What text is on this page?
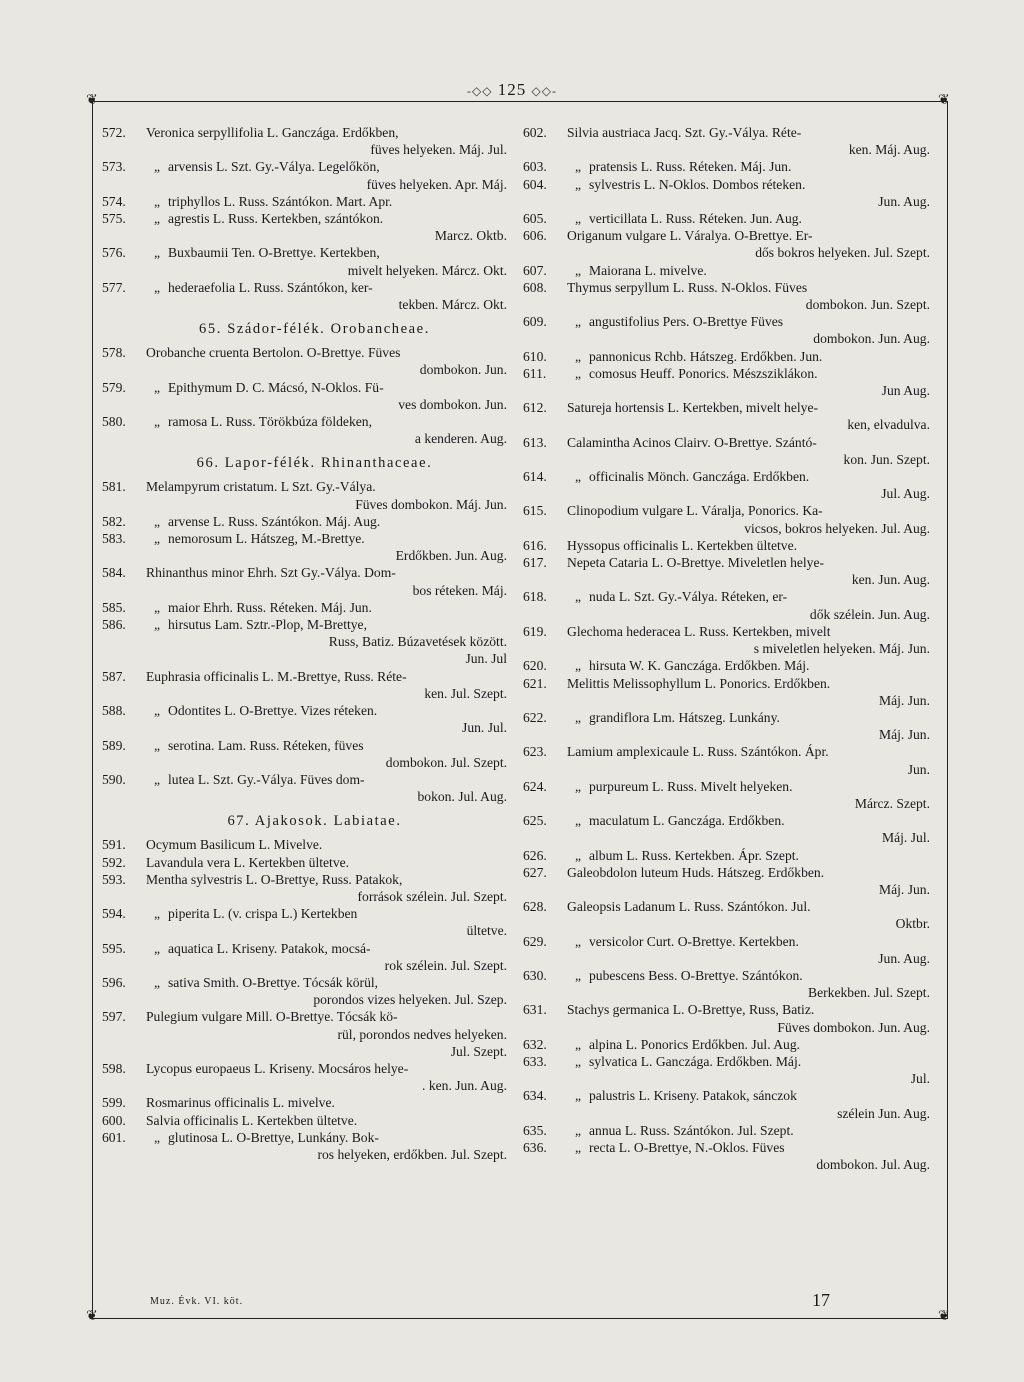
-◇◇ 125 ◇◇-
❦	❦
❦	❦
572.	Veronica serpyllifolia L. Ganczága. Erdőkben,
füves helyeken. Máj. Jul.
573.	„ arvensis L. Szt. Gy.-Válya. Legelőkön,
füves helyeken. Apr. Máj.
574.	„ triphyllos L. Russ. Szántókon. Mart. Apr.
575.	„ agrestis L. Russ. Kertekben, szántókon.
Marcz. Oktb.
576.	„ Buxbaumii Ten. O-Brettye. Kertekben,
mivelt helyeken. Márcz. Okt.
577.	„ hederaefolia L. Russ. Szántókon, ker-
tekben. Márcz. Okt.
65. Szádor-félék. Orobancheae.
578.	Orobanche cruenta Bertolon. O-Brettye. Füves
dombokon. Jun.
579.	„ Epithymum D. C. Mácsó, N-Oklos. Fü-
ves dombokon. Jun.
580.	„ ramosa L. Russ. Törökbúza földeken,
a kenderen. Aug.
66. Lapor-félék. Rhinanthaceae.
581.	Melampyrum cristatum. L Szt. Gy.-Válya.
Füves dombokon. Máj. Jun.
582.	„ arvense L. Russ. Szántókon. Máj. Aug.
583.	„ nemorosum L. Hátszeg, M.-Brettye.
Erdőkben. Jun. Aug.
584.	Rhinanthus minor Ehrh. Szt Gy.-Válya. Dom-
bos réteken. Máj.
585.	„ maior Ehrh. Russ. Réteken. Máj. Jun.
586.	„ hirsutus Lam. Sztr.-Plop, M-Brettye,
Russ, Batiz. Búzavetések között.
Jun. Jul
587.	Euphrasia officinalis L. M.-Brettye, Russ. Réte-
ken. Jul. Szept.
588.	„ Odontites L. O-Brettye. Vizes réteken.
Jun. Jul.
589.	„ serotina. Lam. Russ. Réteken, füves
dombokon. Jul. Szept.
590.	„ lutea L. Szt. Gy.-Válya. Füves dom-
bokon. Jul. Aug.
67. Ajakosok. Labiatae.
591.	Ocymum Basilicum L. Mivelve.
592.	Lavandula vera L. Kertekben ültetve.
593.	Mentha sylvestris L. O-Brettye, Russ. Patakok,
források szélein. Jul. Szept.
594.	„ piperita L. (v. crispa L.) Kertekben
ültetve.
595.	„ aquatica L. Kriseny. Patakok, mocsá-
rok szélein. Jul. Szept.
596.	„ sativa Smith. O-Brettye. Tócsák körül,
porondos vizes helyeken. Jul. Szep.
597.	Pulegium vulgare Mill. O-Brettye. Tócsák kö-
rül, porondos nedves helyeken.
Jul. Szept.
598.	Lycopus europaeus L. Kriseny. Mocsáros helye-
. ken. Jun. Aug.
599.	Rosmarinus officinalis L. mivelve.
600.	Salvia officinalis L. Kertekben ültetve.
601.	„ glutinosa L. O-Brettye, Lunkány. Bok-
ros helyeken, erdőkben. Jul. Szept.
602.	Silvia austriaca Jacq. Szt. Gy.-Válya. Réte-
ken. Máj. Aug.
603.	„ pratensis L. Russ. Réteken. Máj. Jun.
604.	„ sylvestris L. N-Oklos. Dombos réteken.
Jun. Aug.
605.	„ verticillata L. Russ. Réteken. Jun. Aug.
606.	Origanum vulgare L. Váralya. O-Brettye. Er-
dős bokros helyeken. Jul. Szept.
607.	„ Maiorana L. mivelve.
608.	Thymus serpyllum L. Russ. N-Oklos. Füves
dombokon. Jun. Szept.
609.	„ angustifolius Pers. O-Brettye Füves
dombokon. Jun. Aug.
610.	„ pannonicus Rchb. Hátszeg. Erdőkben. Jun.
611.	„ comosus Heuff. Ponorics. Mészsziklákon.
Jun Aug.
612.	Satureja hortensis L. Kertekben, mivelt helye-
ken, elvadulva.
613.	Calamintha Acinos Clairv. O-Brettye. Szántó-
kon. Jun. Szept.
614.	„ officinalis Mönch. Ganczága. Erdőkben.
Jul. Aug.
615.	Clinopodium vulgare L. Váralja, Ponorics. Ka-
vicsos, bokros helyeken. Jul. Aug.
616.	Hyssopus officinalis L. Kertekben ültetve.
617.	Nepeta Cataria L. O-Brettye. Miveletlen helye-
ken. Jun. Aug.
618.	„ nuda L. Szt. Gy.-Válya. Réteken, er-
dők szélein. Jun. Aug.
619.	Glechoma hederacea L. Russ. Kertekben, mivelt
s miveletlen helyeken. Máj. Jun.
620.	„ hirsuta W. K. Ganczága. Erdőkben. Máj.
621.	Melittis Melissophyllum L. Ponorics. Erdőkben.
Máj. Jun.
622.	„ grandiflora Lm. Hátszeg. Lunkány.
Máj. Jun.
623.	Lamium amplexicaule L. Russ. Szántókon. Ápr.
Jun.
624.	„ purpureum L. Russ. Mivelt helyeken.
Márcz. Szept.
625.	„ maculatum L. Ganczága. Erdőkben.
Máj. Jul.
626.	„ album L. Russ. Kertekben. Ápr. Szept.
627.	Galeobdolon luteum Huds. Hátszeg. Erdőkben.
Máj. Jun.
628.	Galeopsis Ladanum L. Russ. Szántókon. Jul.
Oktbr.
629.	„ versicolor Curt. O-Brettye. Kertekben.
Jun. Aug.
630.	„ pubescens Bess. O-Brettye. Szántókon.
Berkekben. Jul. Szept.
631.	Stachys germanica L. O-Brettye, Russ, Batiz.
Füves dombokon. Jun. Aug.
632.	„ alpina L. Ponorics Erdőkben. Jul. Aug.
633.	„ sylvatica L. Ganczága. Erdőkben. Máj.
Jul.
634.	„ palustris L. Kriseny. Patakok, sánczok
szélein Jun. Aug.
635.	„ annua L. Russ. Szántókon. Jul. Szept.
636.	„ recta L. O-Brettye, N.-Oklos. Füves
dombokon. Jul. Aug.
Muz. Évk. VI. köt.	17
